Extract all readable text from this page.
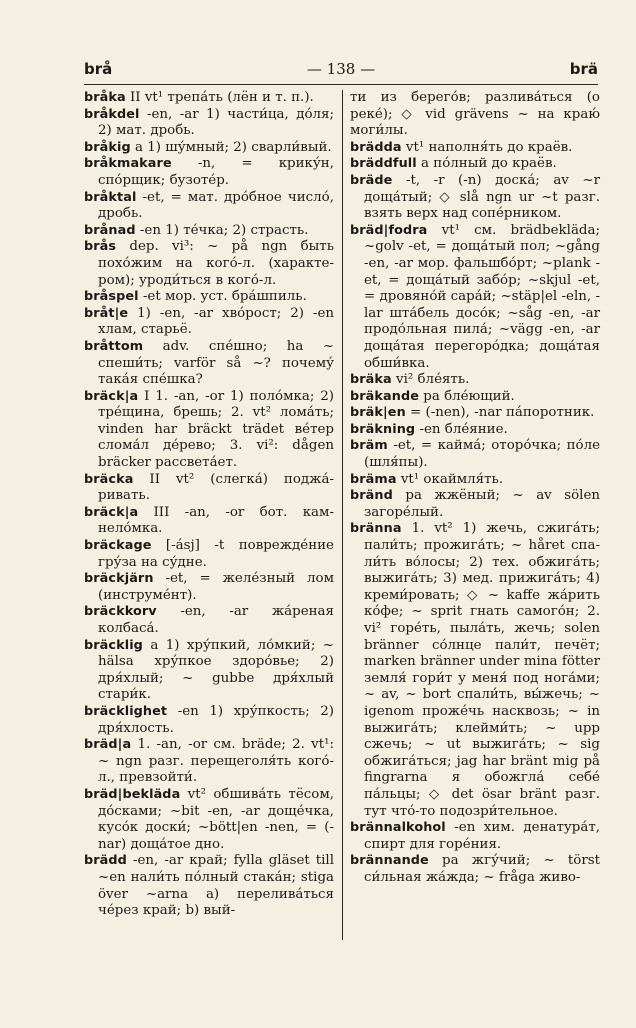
brå	— 138 —	brä

bråka II vt¹ трепа́ть (лён и т. п.).

bråkdel -en, -ar 1) части́ца, до́ля; 2) мат. дробь.

bråkig a 1) шу́мный; 2) сварли́вый.

bråkmakare -n, = крику́н, спо́рщик; бузоте́р.

bråktal -et, = мат. дро́бное число́, дробь.

brånad -en 1) те́чка; 2) страсть.

brås dep. vi³: ~ på ngn быть похо́жим на кого́-л. (характером); уроди́ться в кого́-л.

bråspel -et мор. уст. бра́шпиль.

bråt|e 1) -en, -ar хво́рост; 2) -en хлам, старьё.

bråttom adv. спе́шно; ha ~ спеши́ть; varför så ~? почему́ така́я спе́шка?

bräck|a I 1. -an, -or 1) поло́мка; 2) тре́щина, брешь; 2. vt² лома́ть; vinden har bräckt trädet ве́тер слома́л де́рево; 3. vi²: dågen bräcker рассвета́ет.

bräcka II vt² (слегка́) поджа́ривать.

bräck|a III -an, -or бот. камнело́мка.

bräckage [-ásj] -t поврежде́ние гру́за на су́дне.

bräckjärn -et, = желе́зный лом (инструме́нт).

bräckkorv -en, -ar жа́реная колбаса́.

bräcklig a 1) хру́пкий, ло́мкий; ~ hälsa хру́пкое здоро́вье; 2) дря́хлый; ~ gubbe дря́хлый стари́к.

bräcklighet -en 1) хру́пкость; 2) дря́хлость.

bräd|a 1. -an, -or см. bräde; 2. vt¹: ~ ngn разг. перещеголя́ть кого́-л., превзойти́.

bräd|beklädа vt² обшива́ть тёсом, до́сками; ~bit -en, -ar доще́чка, кусо́к доски́; ~bött|en -nen, = (-nar) доща́тое дно.

brädd -en, -ar край; fylla gläset till ~en нали́ть по́лный стака́н; stiga över ~arna а) перелива́ться че́рез край; b) вый-

ти из берего́в; разлива́ться (о реке́); ◇ vid grävens ~ на краю́ моги́лы.

brädda vt¹ наполня́ть до краёв.

bräddfull a по́лный до краёв.

bräde -t, -r (-n) доска́; av ~r доща́тый; ◇ slå ngn ur ~t разг. взять верх над сопе́рником.

bräd|fodra vt¹ см. brädbekläda; ~golv -et, = доща́тый пол; ~gång -en, -ar мор. фальшбо́рт; ~plank -et, = доща́тый забо́р; ~skjul -et, = дровяно́й сара́й; ~stäp|el -eln, -lar шта́бель досо́к; ~såg -en, -ar продо́льная пила́; ~vägg -en, -ar доща́тая перегоро́дка; доща́тая обши́вка.

bräka vi² бле́ять.

bräkande pa бле́ющий.

bräk|en = (-nen), -nar па́поротник.

bräkning -en бле́яние.

bräm -et, = кайма́; оторо́чка; по́ле (шля́пы).

bräma vt¹ окаймля́ть.

bränd pa жжёный; ~ av sölen загоре́лый.

bränna 1. vt² 1) жечь, сжига́ть; пали́ть; прожига́ть; ~ håret спали́ть во́лосы; 2) тех. обжига́ть; выжига́ть; 3) мед. прижига́ть; 4) креми́ровать; ◇ ~ kaffe жа́рить ко́фе; ~ sprit гнать самого́н; 2. vi² горе́ть, пыла́ть, жечь; solen bränner со́лнце пали́т, печёт; marken bränner under mina fötter земля́ гори́т у меня́ под нога́ми; ~ av, ~ bort спали́ть, вы́жечь; ~ igenom проже́чь насквозь; ~ in выжига́ть; клейми́ть; ~ upp сжечь; ~ ut выжига́ть; ~ sig обжига́ться; jag har bränt mig på fingrarna я обожгла́ себе́ па́льцы; ◇ det ösar bränt разг. тут что́-то подозри́тельное.

brännalkohol -en хим. денатура́т, спирт для горе́ния.

brännande pa жгу́чий; ~ törst си́льная жа́жда; ~ fråga живо-
